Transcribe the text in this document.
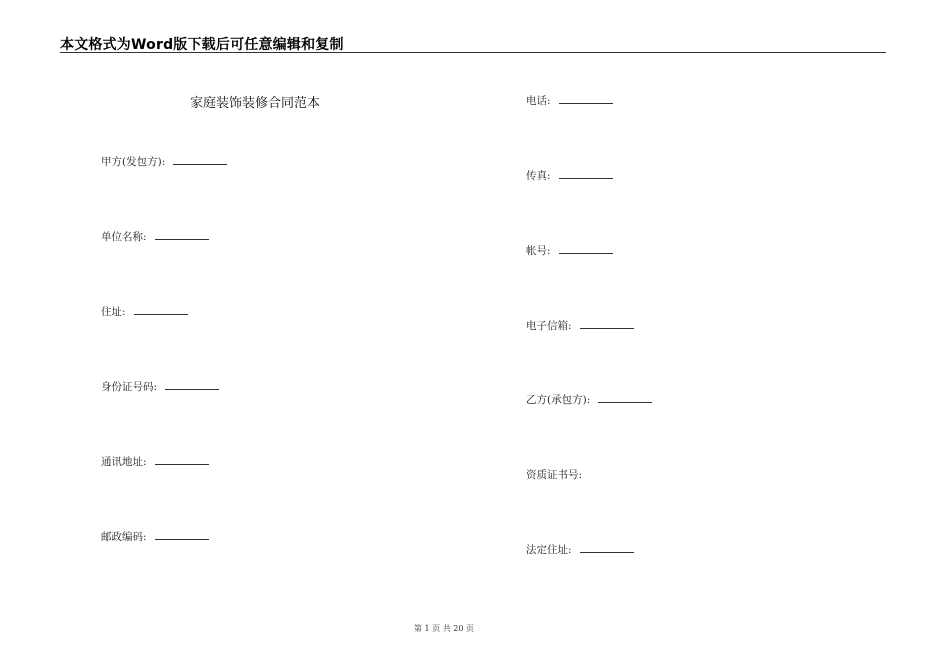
本文格式为Word版下载后可任意编辑和复制
家庭装饰装修合同范本
甲方(发包方):
单位名称:
住址:
身份证号码:
通讯地址:
邮政编码:
电话:
传真:
帐号:
电子信箱:
乙方(承包方):
资质证书号:
法定住址:
第 1 页 共 20 页
